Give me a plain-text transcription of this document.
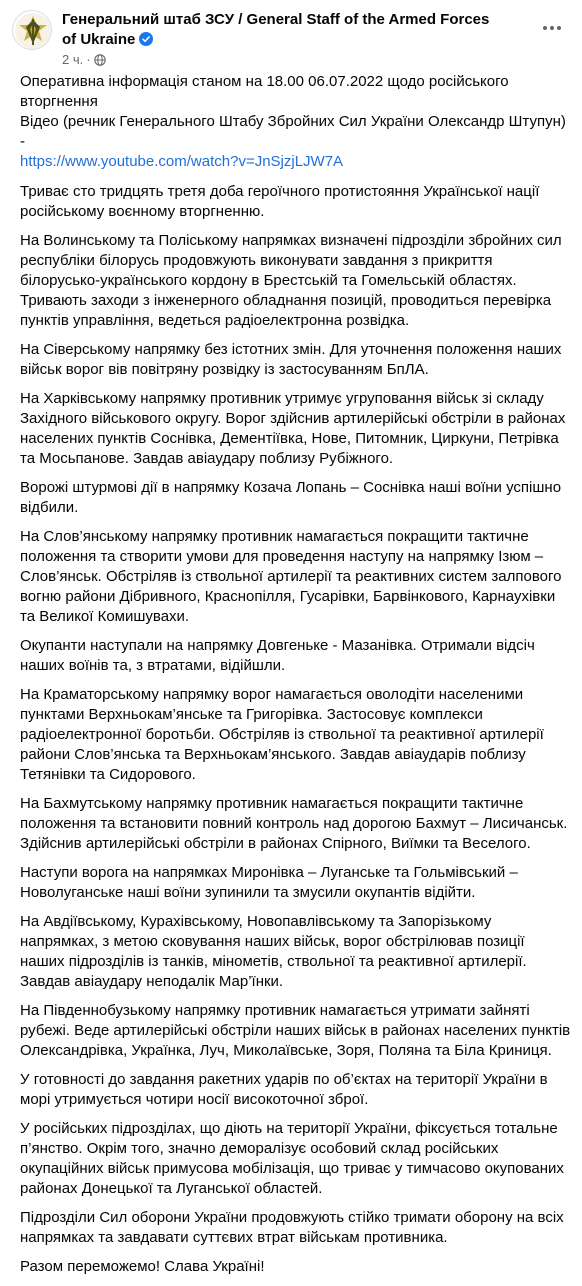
Генеральний штаб ЗСУ / General Staff of the Armed Forces of Ukraine
2 ч. ·
Оперативна інформація станом на 18.00 06.07.2022 щодо російського вторгнення
Відео (речник Генерального Штабу Збройних Сил України Олександр Штупун) -
https://www.youtube.com/watch?v=JnSjzjLJW7A
Триває сто тридцять третя доба героїчного протистояння Української нації російському воєнному вторгненню.
На Волинському та Поліському напрямках визначені підрозділи збройних сил республіки білорусь продовжують виконувати завдання з прикриття білорусько-українського кордону в Брестській та Гомельській областях. Тривають заходи з інженерного обладнання позицій, проводиться перевірка пунктів управління, ведеться радіоелектронна розвідка.
На Сіверському напрямку без істотних змін. Для уточнення положення наших військ ворог вів повітряну розвідку із застосуванням БпЛА.
На Харківському напрямку противник утримує угруповання військ зі складу Західного військового округу. Ворог здійснив артилерійські обстріли в районах населених пунктів Соснівка, Дементіївка, Нове, Питомник, Циркуни, Петрівка та Мосьпанове. Завдав авіаудару поблизу Рубіжного.
Ворожі штурмові дії в напрямку Козача Лопань – Соснівка наші воїни успішно відбили.
На Слов’янському напрямку противник намагається покращити тактичне положення та створити умови для проведення наступу на напрямку Ізюм – Слов’янськ. Обстріляв із ствольної артилерії та реактивних систем залпового вогню райони Дібривного, Краснопілля, Гусарівки, Барвінкового, Карнаухівки та Великої Комишувахи.
Окупанти наступали на напрямку Довгеньке - Мазанівка. Отримали відсіч наших воїнів та, з втратами, відійшли.
На Краматорському напрямку ворог намагається оволодіти населеними пунктами Верхньокам’янське та Григорівка. Застосовує комплекси радіоелектронної боротьби. Обстріляв із ствольної та реактивної артилерії райони Слов’янська та Верхньокам’янського. Завдав авіаударів поблизу Тетянівки та Сидорового.
На Бахмутському напрямку противник намагається покращити тактичне положення та встановити повний контроль над дорогою Бахмут – Лисичанськ. Здійснив артилерійські обстріли в районах Спірного, Виїмки та Веселого.
Наступи ворога на напрямках Миронівка – Луганське та Гольмівський – Новолуганське наші воїни зупинили та змусили окупантів відійти.
На Авдіївському, Курахівському, Новопавлівському та Запорізькому напрямках, з метою сковування наших військ, ворог обстрілював позиції наших підрозділів із танків, мінометів, ствольної та реактивної артилерії. Завдав авіаудару неподалік Мар’їнки.
На Південнобузькому напрямку противник намагається утримати зайняті рубежі. Веде артилерійські обстріли наших військ в районах населених пунктів Олександрівка, Українка, Луч, Миколаївське, Зоря, Поляна та Біла Криниця.
У готовності до завдання ракетних ударів по об’єктах на території України в морі утримується чотири носії високоточної зброї.
У російських підрозділах, що діють на території України, фіксується тотальне п’янство. Окрім того, значно деморалізує особовий склад російських окупаційних військ примусова мобілізація, що триває у тимчасово окупованих районах Донецької та Луганської областей.
Підрозділи Сил оборони України продовжують стійко тримати оборону на всіх напрямках та завдавати суттєвих втрат військам противника.
Разом переможемо! Слава Україні!
